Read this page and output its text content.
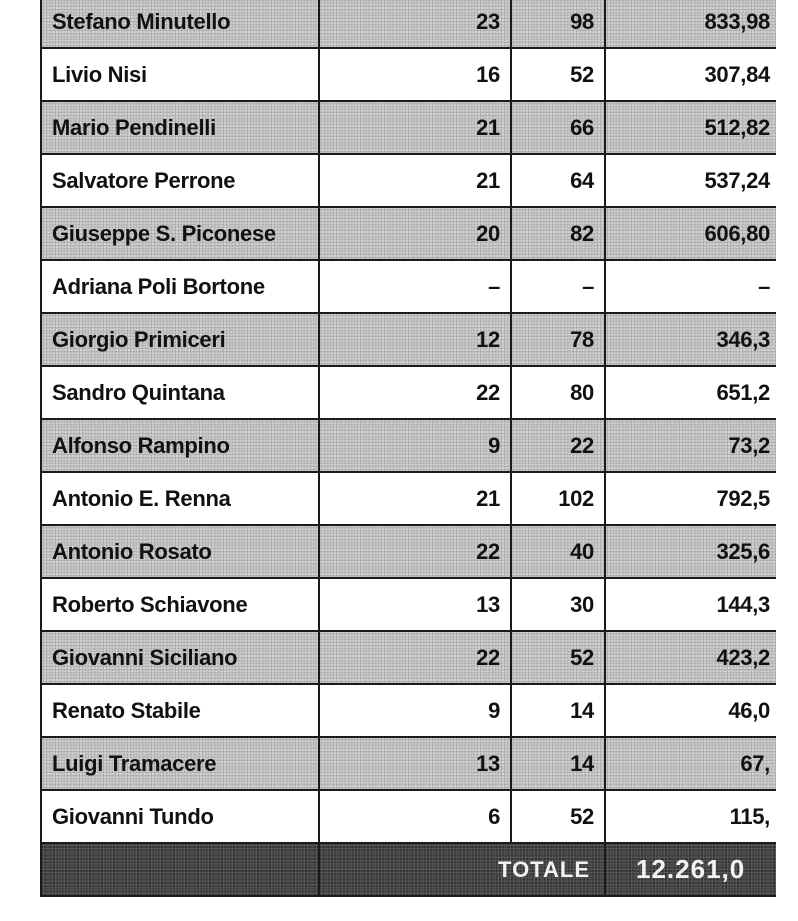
Stefano Minutello	23	98	833,98
Livio Nisi	16	52	307,84
Mario Pendinelli	21	66	512,82
Salvatore Perrone	21	64	537,24
Giuseppe S. Piconese	20	82	606,80
Adriana Poli Bortone	–	–	–
Giorgio Primiceri	12	78	346,3
Sandro Quintana	22	80	651,2
Alfonso Rampino	9	22	73,2
Antonio E. Renna	21	102	792,5
Antonio Rosato	22	40	325,6
Roberto Schiavone	13	30	144,3
Giovanni Siciliano	22	52	423,2
Renato Stabile	9	14	46,0
Luigi Tramacere	13	14	67,
Giovanni Tundo	6	52	115,
	TOTALE		12.261,0
